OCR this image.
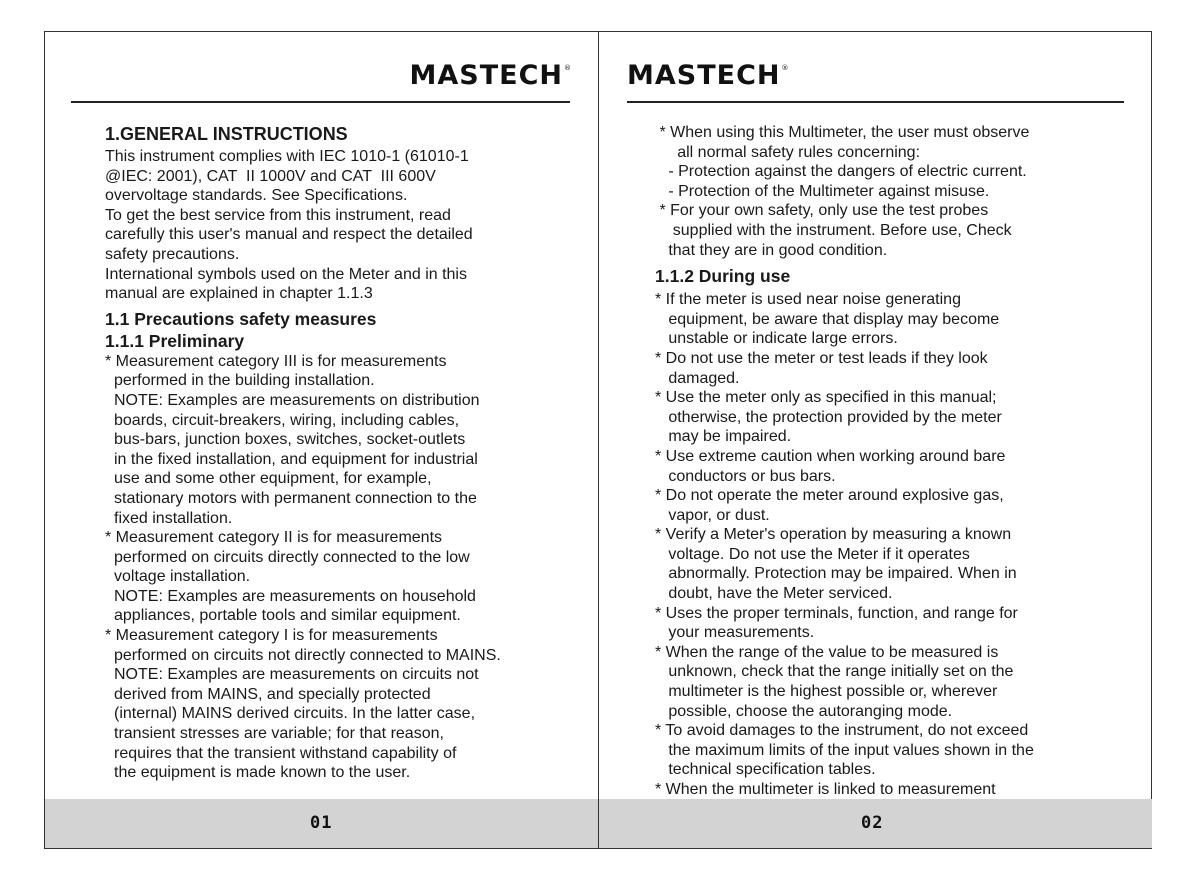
MASTECH®
1.GENERAL INSTRUCTIONS
This instrument complies with IEC 1010-1 (61010-1
@IEC: 2001), CAT  II 1000V and CAT  III 600V
overvoltage standards. See Specifications.
To get the best service from this instrument, read
carefully this user's manual and respect the detailed
safety precautions.
International symbols used on the Meter and in this
manual are explained in chapter 1.1.3
1.1 Precautions safety measures
1.1.1 Preliminary
* Measurement category III is for measurements
performed in the building installation.
NOTE: Examples are measurements on distribution
boards, circuit-breakers, wiring, including cables,
bus-bars, junction boxes, switches, socket-outlets
in the fixed installation, and equipment for industrial
use and some other equipment, for example,
stationary motors with permanent connection to the
fixed installation.
* Measurement category II is for measurements
performed on circuits directly connected to the low
voltage installation.
NOTE: Examples are measurements on household
appliances, portable tools and similar equipment.
* Measurement category I is for measurements
performed on circuits not directly connected to MAINS.
NOTE: Examples are measurements on circuits not
derived from MAINS, and specially protected
(internal) MAINS derived circuits. In the latter case,
transient stresses are variable; for that reason,
requires that the transient withstand capability of
the equipment is made known to the user.
01
MASTECH®
* When using this Multimeter, the user must observe
all normal safety rules concerning:
- Protection against the dangers of electric current.
- Protection of the Multimeter against misuse.
* For your own safety, only use the test probes
supplied with the instrument. Before use, Check
that they are in good condition.
1.1.2 During use
* If the meter is used near noise generating
equipment, be aware that display may become
unstable or indicate large errors.
* Do not use the meter or test leads if they look
damaged.
* Use the meter only as specified in this manual;
otherwise, the protection provided by the meter
may be impaired.
* Use extreme caution when working around bare
conductors or bus bars.
* Do not operate the meter around explosive gas,
vapor, or dust.
* Verify a Meter's operation by measuring a known
voltage. Do not use the Meter if it operates
abnormally. Protection may be impaired. When in
doubt, have the Meter serviced.
* Uses the proper terminals, function, and range for
your measurements.
* When the range of the value to be measured is
unknown, check that the range initially set on the
multimeter is the highest possible or, wherever
possible, choose the autoranging mode.
* To avoid damages to the instrument, do not exceed
the maximum limits of the input values shown in the
technical specification tables.
* When the multimeter is linked to measurement
02
